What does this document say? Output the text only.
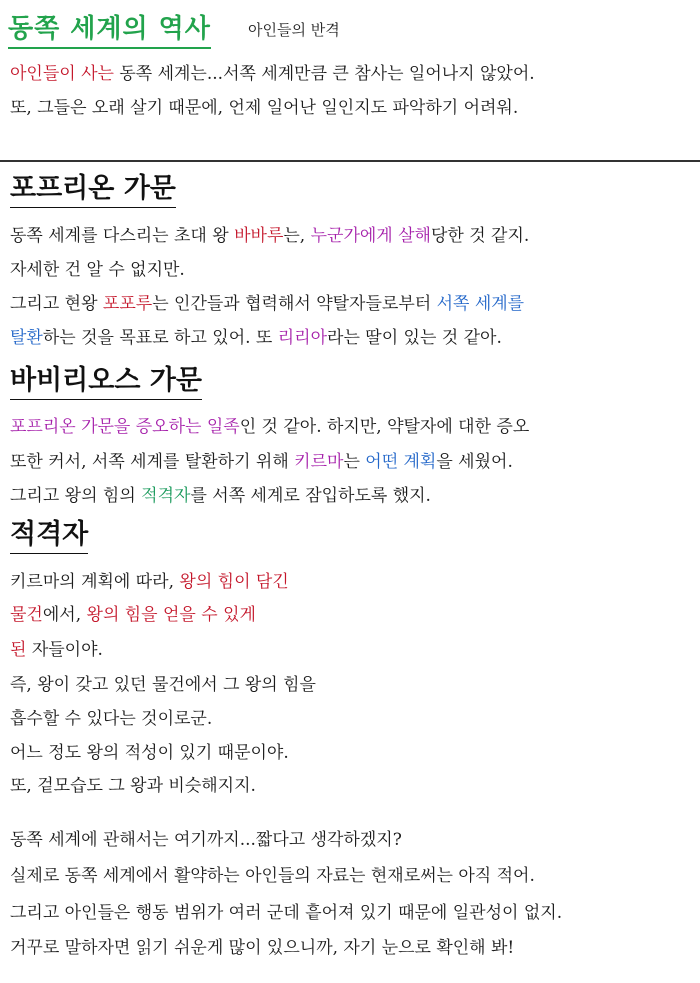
동쪽 세계의 역사 아인들의 반격
아인들이 사는 동쪽 세계는...서쪽 세계만큼 큰 참사는 일어나지 않았어.
또, 그들은 오래 살기 때문에, 언제 일어난 일인지도 파악하기 어려워.
포프리온 가문
동쪽 세계를 다스리는 초대 왕 바바루는, 누군가에게 살해당한 것 같지.
자세한 건 알 수 없지만.
그리고 현왕 포포루는 인간들과 협력해서 약탈자들로부터 서쪽 세계를
탈환하는 것을 목표로 하고 있어. 또 리리아라는 딸이 있는 것 같아.
바비리오스 가문
포프리온 가문을 증오하는 일족인 것 같아. 하지만, 약탈자에 대한 증오
또한 커서, 서쪽 세계를 탈환하기 위해 키르마는 어떤 계획을 세웠어.
그리고 왕의 힘의 적격자를 서쪽 세계로 잠입하도록 했지.
적격자
키르마의 계획에 따라, 왕의 힘이 담긴
물건에서, 왕의 힘을 얻을 수 있게
된 자들이야.
즉, 왕이 갖고 있던 물건에서 그 왕의 힘을
흡수할 수 있다는 것이로군.
어느 정도 왕의 적성이 있기 때문이야.
또, 겉모습도 그 왕과 비슷해지지.
동쪽 세계에 관해서는 여기까지...짧다고 생각하겠지?
실제로 동쪽 세계에서 활약하는 아인들의 자료는 현재로써는 아직 적어.
그리고 아인들은 행동 범위가 여러 군데 흩어져 있기 때문에 일관성이 없지.
거꾸로 말하자면 읽기 쉬운게 많이 있으니까, 자기 눈으로 확인해 봐!
